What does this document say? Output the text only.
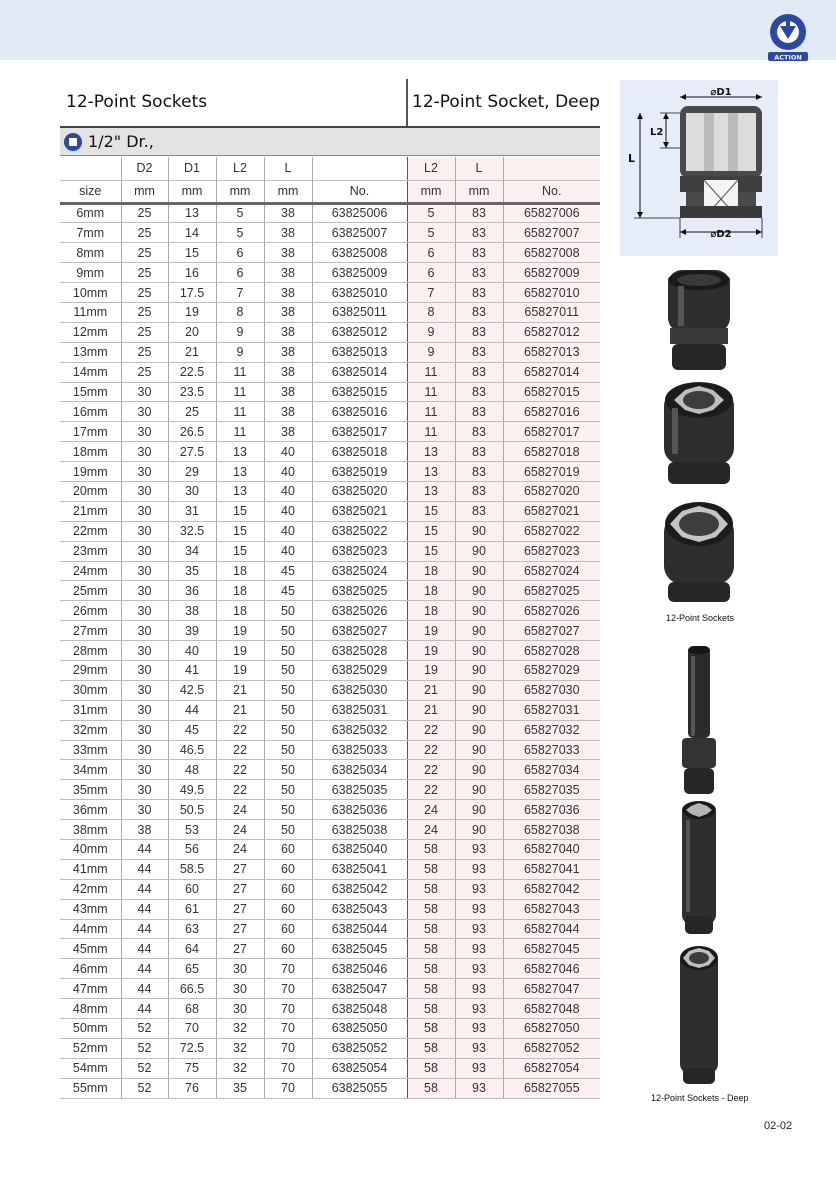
ACTION
12-Point Sockets	12-Point Socket, Deep
1/2" Dr.,
	D2	D1	L2	L		L2	L	
size	mm	mm	mm	mm	No.	mm	mm	No.
6mm	25	13	5	38	63825006	5	83	65827006
7mm	25	14	5	38	63825007	5	83	65827007
8mm	25	15	6	38	63825008	6	83	65827008
9mm	25	16	6	38	63825009	6	83	65827009
10mm	25	17.5	7	38	63825010	7	83	65827010
11mm	25	19	8	38	63825011	8	83	65827011
12mm	25	20	9	38	63825012	9	83	65827012
13mm	25	21	9	38	63825013	9	83	65827013
14mm	25	22.5	11	38	63825014	11	83	65827014
15mm	30	23.5	11	38	63825015	11	83	65827015
16mm	30	25	11	38	63825016	11	83	65827016
17mm	30	26.5	11	38	63825017	11	83	65827017
18mm	30	27.5	13	40	63825018	13	83	65827018
19mm	30	29	13	40	63825019	13	83	65827019
20mm	30	30	13	40	63825020	13	83	65827020
21mm	30	31	15	40	63825021	15	83	65827021
22mm	30	32.5	15	40	63825022	15	90	65827022
23mm	30	34	15	40	63825023	15	90	65827023
24mm	30	35	18	45	63825024	18	90	65827024
25mm	30	36	18	45	63825025	18	90	65827025
26mm	30	38	18	50	63825026	18	90	65827026
27mm	30	39	19	50	63825027	19	90	65827027
28mm	30	40	19	50	63825028	19	90	65827028
29mm	30	41	19	50	63825029	19	90	65827029
30mm	30	42.5	21	50	63825030	21	90	65827030
31mm	30	44	21	50	63825031	21	90	65827031
32mm	30	45	22	50	63825032	22	90	65827032
33mm	30	46.5	22	50	63825033	22	90	65827033
34mm	30	48	22	50	63825034	22	90	65827034
35mm	30	49.5	22	50	63825035	22	90	65827035
36mm	30	50.5	24	50	63825036	24	90	65827036
38mm	38	53	24	50	63825038	24	90	65827038
40mm	44	56	24	60	63825040	58	93	65827040
41mm	44	58.5	27	60	63825041	58	93	65827041
42mm	44	60	27	60	63825042	58	93	65827042
43mm	44	61	27	60	63825043	58	93	65827043
44mm	44	63	27	60	63825044	58	93	65827044
45mm	44	64	27	60	63825045	58	93	65827045
46mm	44	65	30	70	63825046	58	93	65827046
47mm	44	66.5	30	70	63825047	58	93	65827047
48mm	44	68	30	70	63825048	58	93	65827048
50mm	52	70	32	70	63825050	58	93	65827050
52mm	52	72.5	32	70	63825052	58	93	65827052
54mm	52	75	32	70	63825054	58	93	65827054
55mm	52	76	35	70	63825055	58	93	65827055
⌀D1
L2
L
⌀D2
12-Point Sockets
12-Point Sockets - Deep
02-02
